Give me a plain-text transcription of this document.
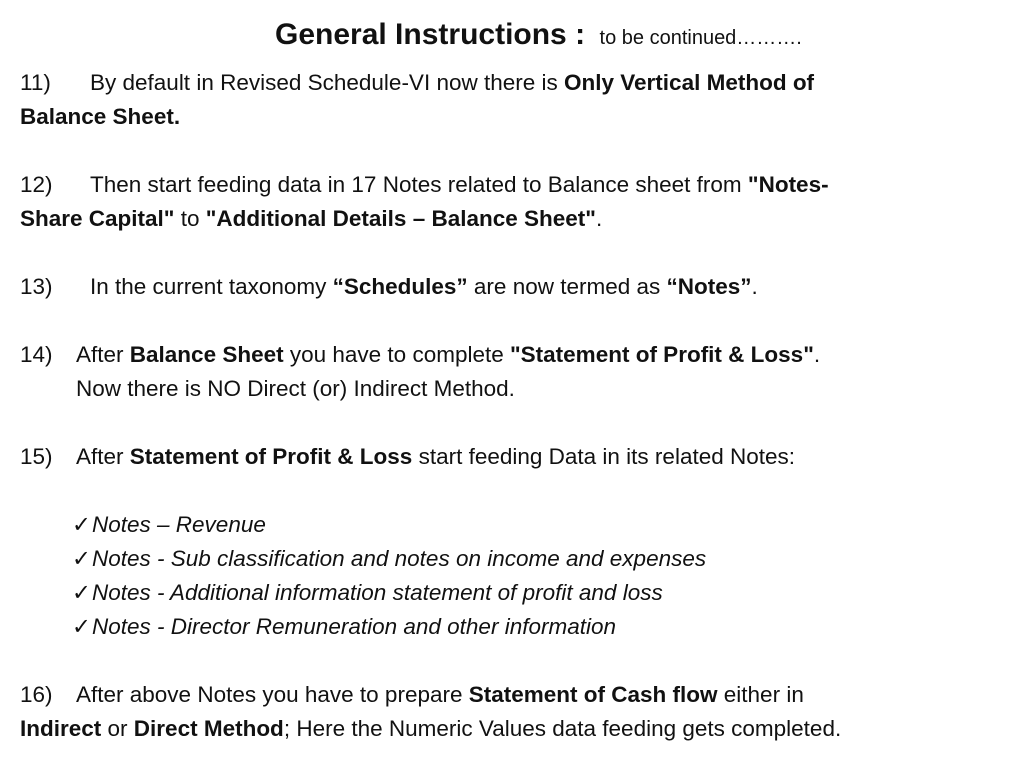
General Instructions : to be continued……….

11) By default in Revised Schedule-VI now there is Only Vertical Method of
Balance Sheet.

12) Then start feeding data in 17 Notes related to Balance sheet from "Notes-
Share Capital" to "Additional Details – Balance Sheet".

13) In the current taxonomy “Schedules” are now termed as “Notes”.

14) After Balance Sheet you have to complete "Statement of Profit & Loss".
Now there is NO Direct (or) Indirect Method.

15) After Statement of Profit & Loss start feeding Data in its related Notes:

✓Notes – Revenue
✓Notes - Sub classification and notes on income and expenses
✓Notes - Additional information statement of profit and loss
✓Notes - Director Remuneration and other information

16) After above Notes you have to prepare Statement of Cash flow either in
Indirect or Direct Method; Here the Numeric Values data feeding gets completed.
